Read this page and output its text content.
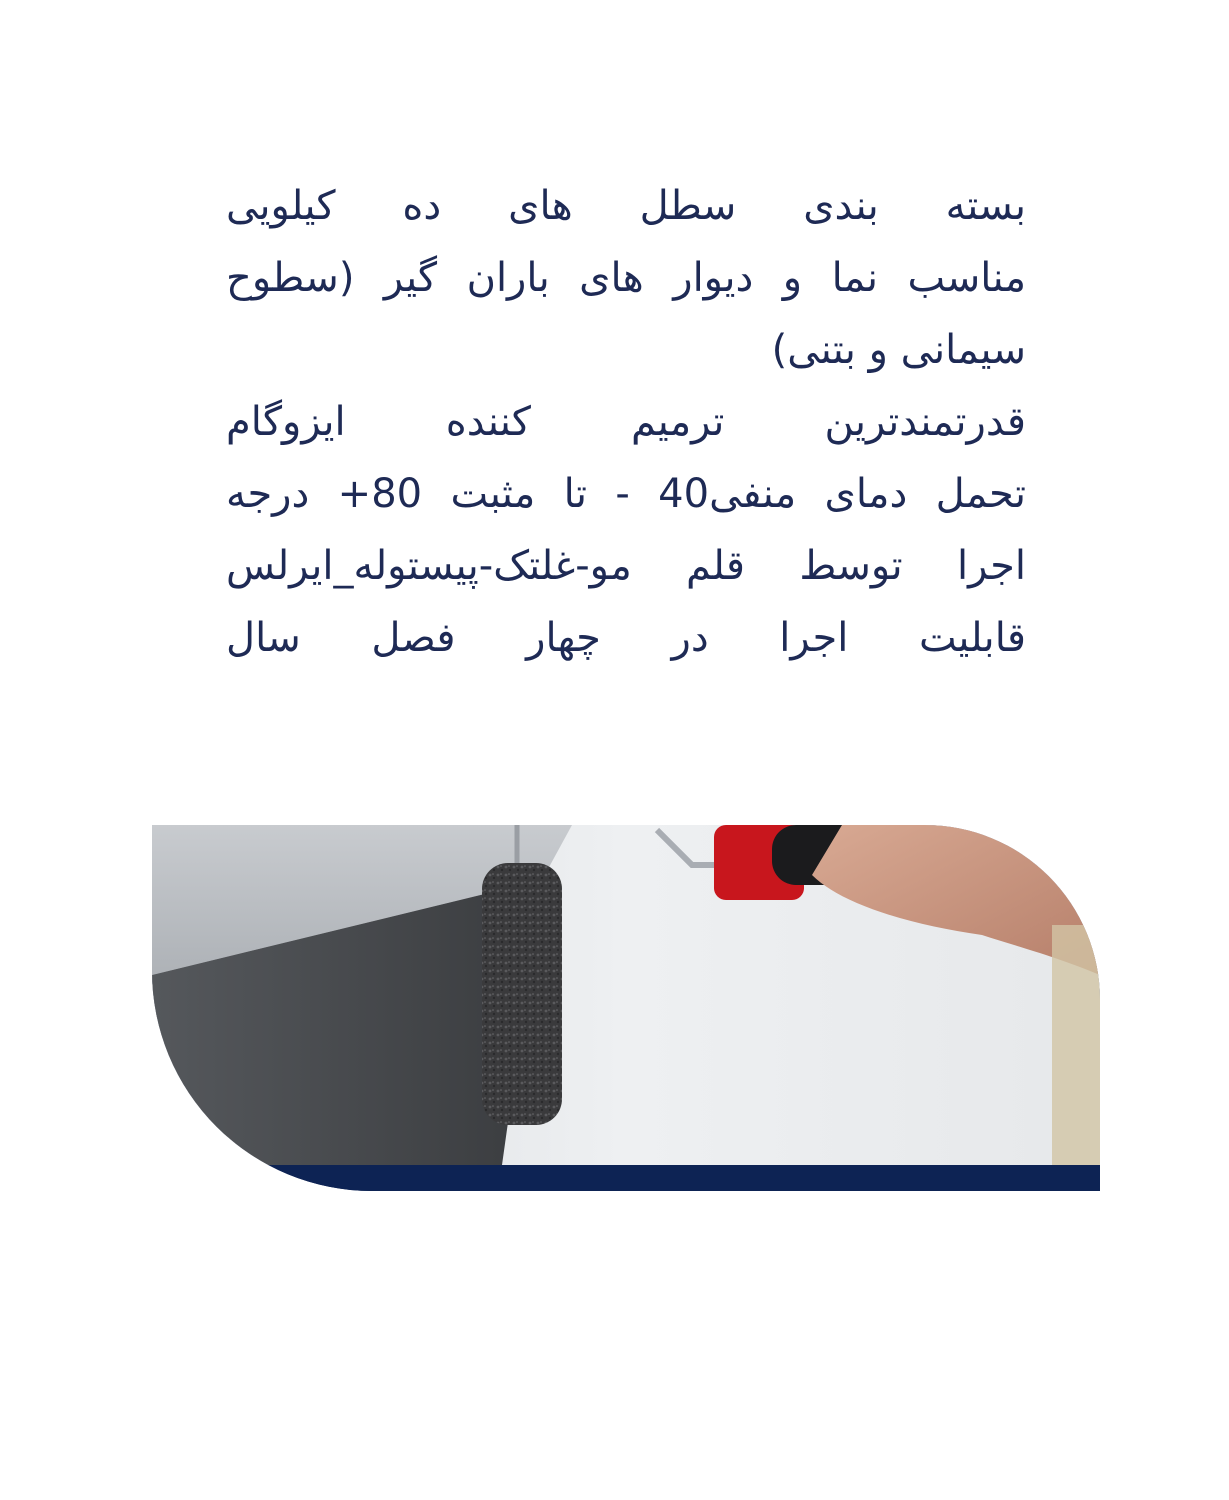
بسته بندی سطل های ده کیلویی
مناسب نما و دیوار های باران گیر (سطوح
سیمانی و بتنی)
قدرتمندترین ترمیم کننده ایزوگام
تحمل دمای منفی40 - تا مثبت 80+ درجه
اجرا توسط قلم مو-غلتک-پیستوله_ایرلس
قابلیت اجرا در چهار فصل سال
